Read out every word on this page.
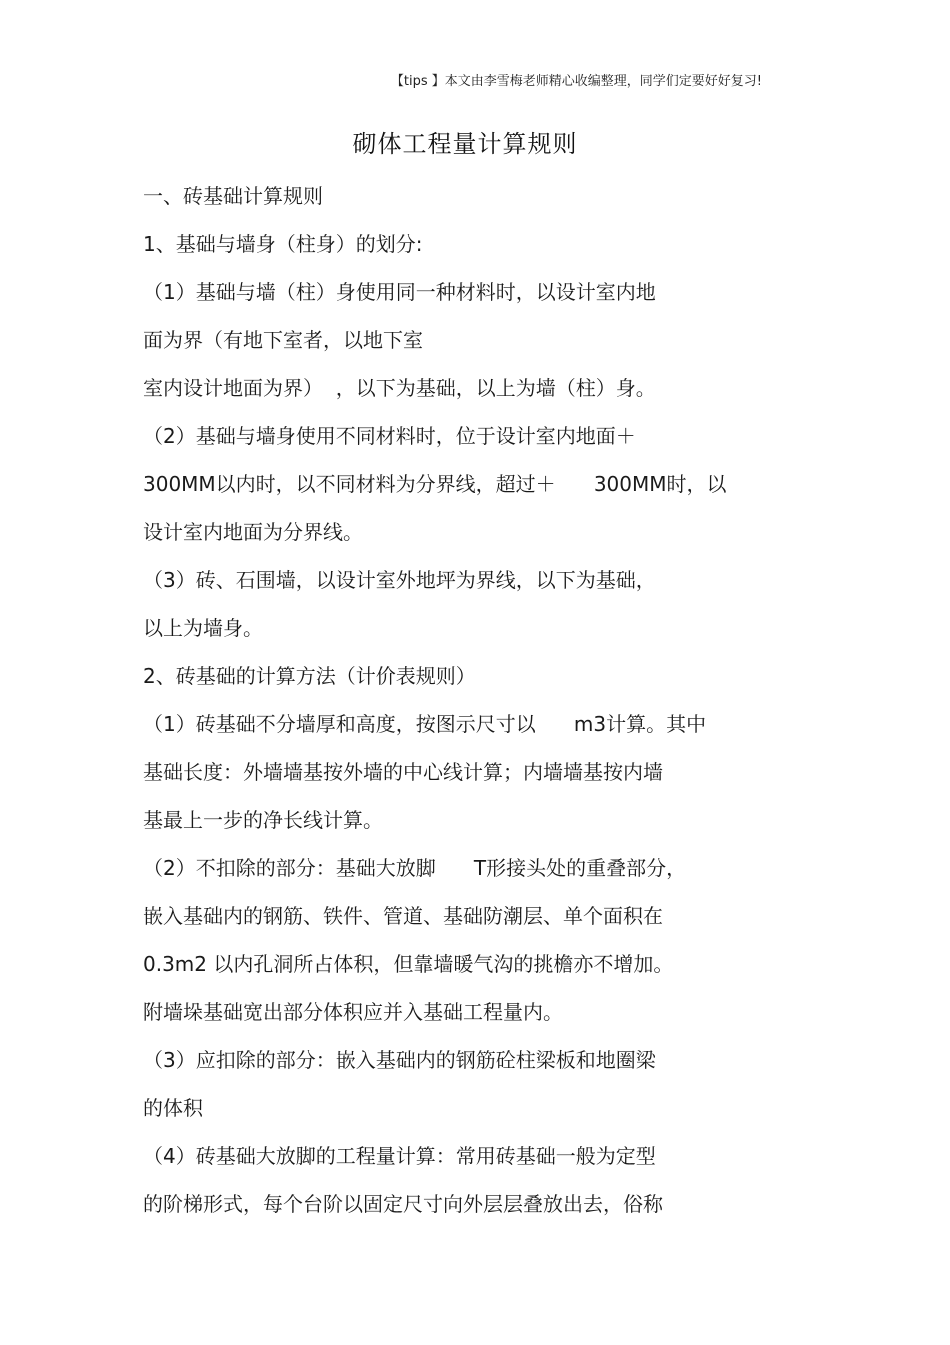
【tips 】本文由李雪梅老师精心收编整理，同学们定要好好复习!
砌体工程量计算规则
一、砖基础计算规则
1、基础与墙身（柱身）的划分:
（1）基础与墙（柱）身使用同一种材料时，以设计室内地
面为界（有地下室者，以地下室
室内设计地面为界）  ，以下为基础，以上为墙（柱）身。
（2）基础与墙身使用不同材料时，位于设计室内地面＋
300MM以内时，以不同材料为分界线，超过＋      300MM时，以
设计室内地面为分界线。
（3）砖、石围墙，以设计室外地坪为界线，以下为基础，
以上为墙身。
2、砖基础的计算方法（计价表规则）
（1）砖基础不分墙厚和高度，按图示尺寸以      m3计算。其中
基础长度：外墙墙基按外墙的中心线计算；内墙墙基按内墙
基最上一步的净长线计算。
（2）不扣除的部分：基础大放脚      T形接头处的重叠部分，
嵌入基础内的钢筋、铁件、管道、基础防潮层、单个面积在
0.3m2 以内孔洞所占体积，但靠墙暖气沟的挑檐亦不增加。
附墙垛基础宽出部分体积应并入基础工程量内。
（3）应扣除的部分：嵌入基础内的钢筋砼柱梁板和地圈梁
的体积
（4）砖基础大放脚的工程量计算：常用砖基础一般为定型
的阶梯形式，每个台阶以固定尺寸向外层层叠放出去，俗称
